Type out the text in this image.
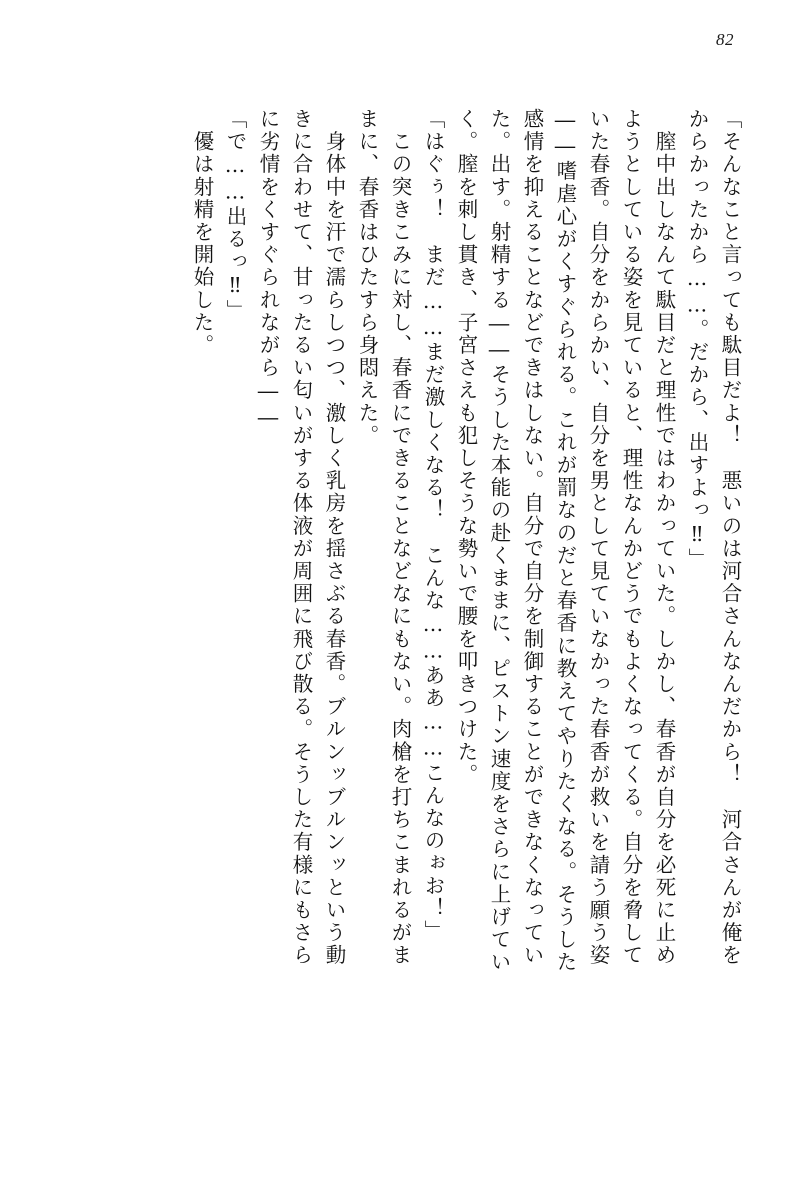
82
「そんなこと言っても駄目だよ！　悪いのは河合さんなんだから！　河合さんが俺を
からかったから……。だから、出すよっ‼」
　膣中出しなんて駄目だと理性ではわかっていた。しかし、春香が自分を必死に止め
ようとしている姿を見ていると、理性なんかどうでもよくなってくる。自分を脅して
いた春香。自分をからかい、自分を男として見ていなかった春香が救いを請う願う姿
――嗜虐心がくすぐられる。これが罰なのだと春香に教えてやりたくなる。そうした
感情を抑えることなどできはしない。自分で自分を制御することができなくなってい
た。出す。射精する――そうした本能の赴くままに、ピストン速度をさらに上げてい
く。膣を刺し貫き、子宮さえも犯しそうな勢いで腰を叩きつけた。
「はぐぅ！　まだ……まだ激しくなる！　こんな……ああ……こんなのぉお！」
　この突きこみに対し、春香にできることなどなにもない。肉槍を打ちこまれるがま
まに、春香はひたすら身悶えた。
　身体中を汗で濡らしつつ、激しく乳房を揺さぶる春香。ブルンッブルンッという動
きに合わせて、甘ったるい匂いがする体液が周囲に飛び散る。そうした有様にもさら
に劣情をくすぐられながら――
「で……出るっ‼」
　優は射精を開始した。
